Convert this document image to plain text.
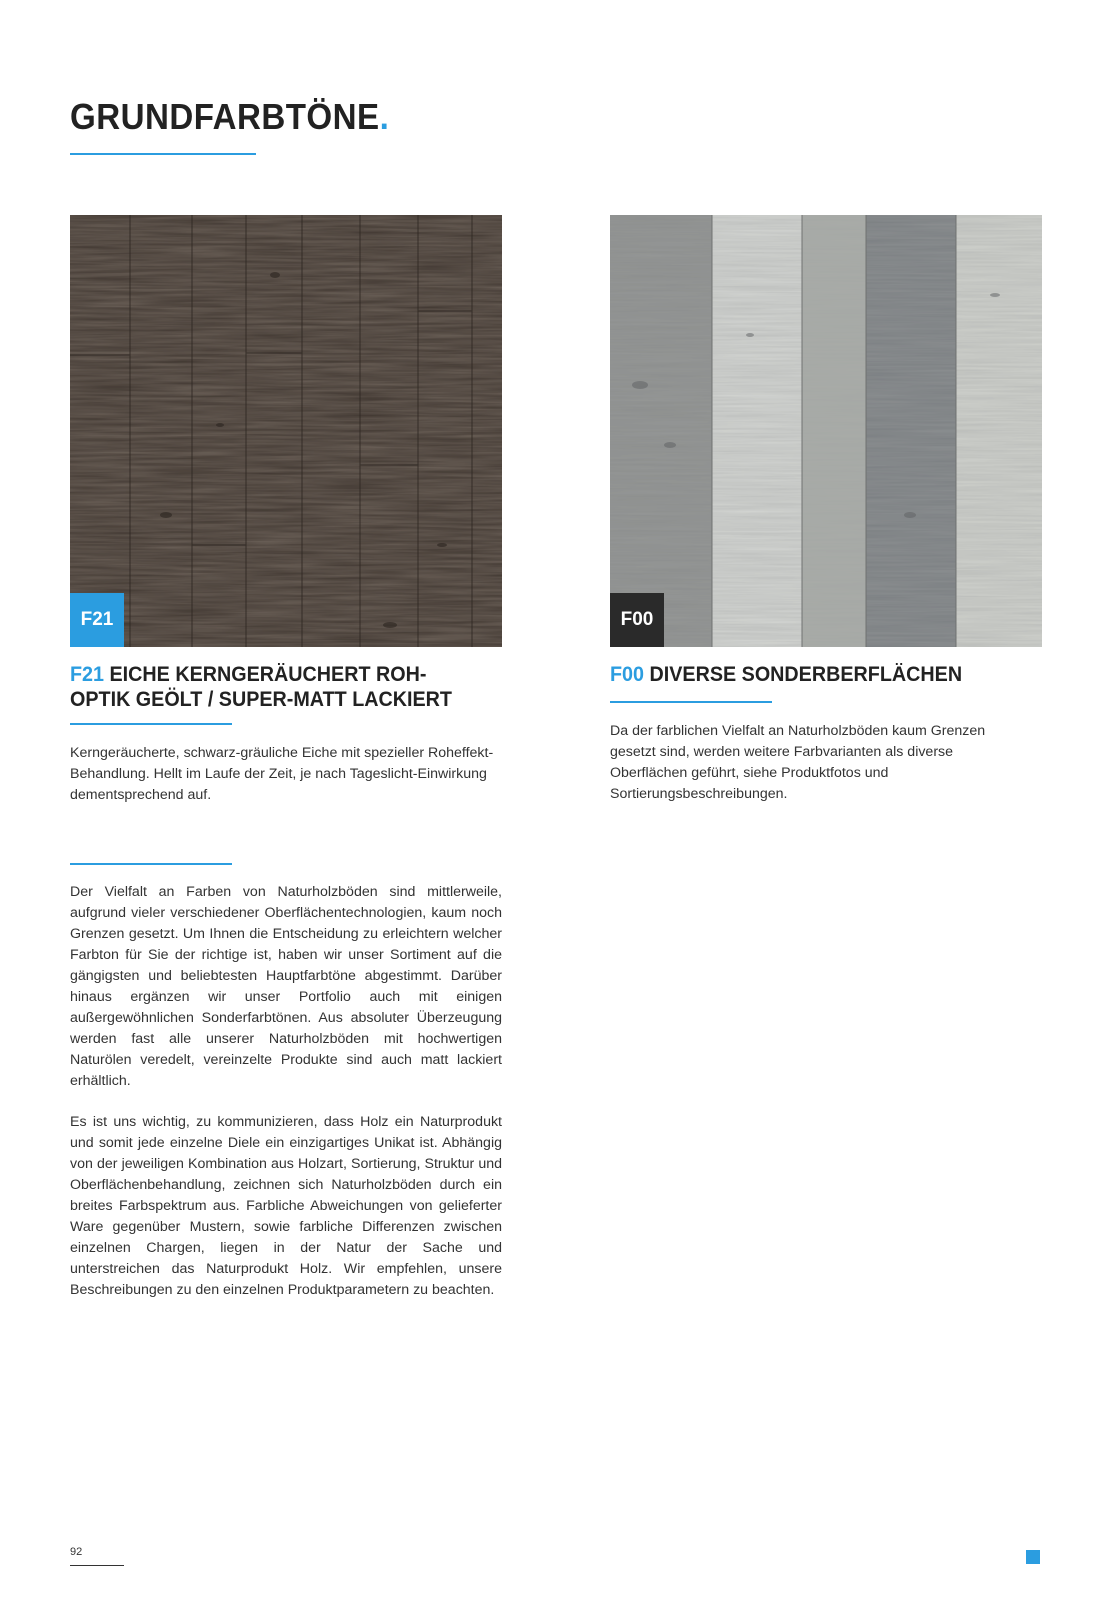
GRUNDFARBTÖNE.
F21	F00
F21 EICHE KERNGERÄUCHERT ROH-OPTIK GEÖLT / SUPER-MATT LACKIERT

Kerngeräucherte, schwarz-gräuliche Eiche mit spezieller Roheffekt-Behandlung. Hellt im Laufe der Zeit, je nach Tageslicht-Einwirkung dementsprechend auf.

F00 DIVERSE SONDERBERFLÄCHEN

Da der farblichen Vielfalt an Naturholzböden kaum Grenzen gesetzt sind, werden weitere Farbvarianten als diverse Oberflächen geführt, siehe Produktfotos und Sortierungsbeschreibungen.

Der Vielfalt an Farben von Naturholzböden sind mittlerweile, aufgrund vieler verschiedener Oberflächentechnologien, kaum noch Grenzen gesetzt. Um Ihnen die Entscheidung zu erleichtern welcher Farbton für Sie der richtige ist, haben wir unser Sortiment auf die gängigsten und beliebtesten Hauptfarbtöne abgestimmt. Darüber hinaus ergänzen wir unser Portfolio auch mit einigen außergewöhnlichen Sonderfarbtönen. Aus absoluter Überzeugung werden fast alle unserer Naturholzböden mit hochwertigen Naturölen veredelt, vereinzelte Produkte sind auch matt lackiert erhältlich.

Es ist uns wichtig, zu kommunizieren, dass Holz ein Naturprodukt und somit jede einzelne Diele ein einzigartiges Unikat ist. Abhängig von der jeweiligen Kombination aus Holzart, Sortierung, Struktur und Oberflächenbehandlung, zeichnen sich Naturholzböden durch ein breites Farbspektrum aus. Farbliche Abweichungen von gelieferter Ware gegenüber Mustern, sowie farbliche Differenzen zwischen einzelnen Chargen, liegen in der Natur der Sache und unterstreichen das Naturprodukt Holz. Wir empfehlen, unsere Beschreibungen zu den einzelnen Produktparametern zu beachten.

92
